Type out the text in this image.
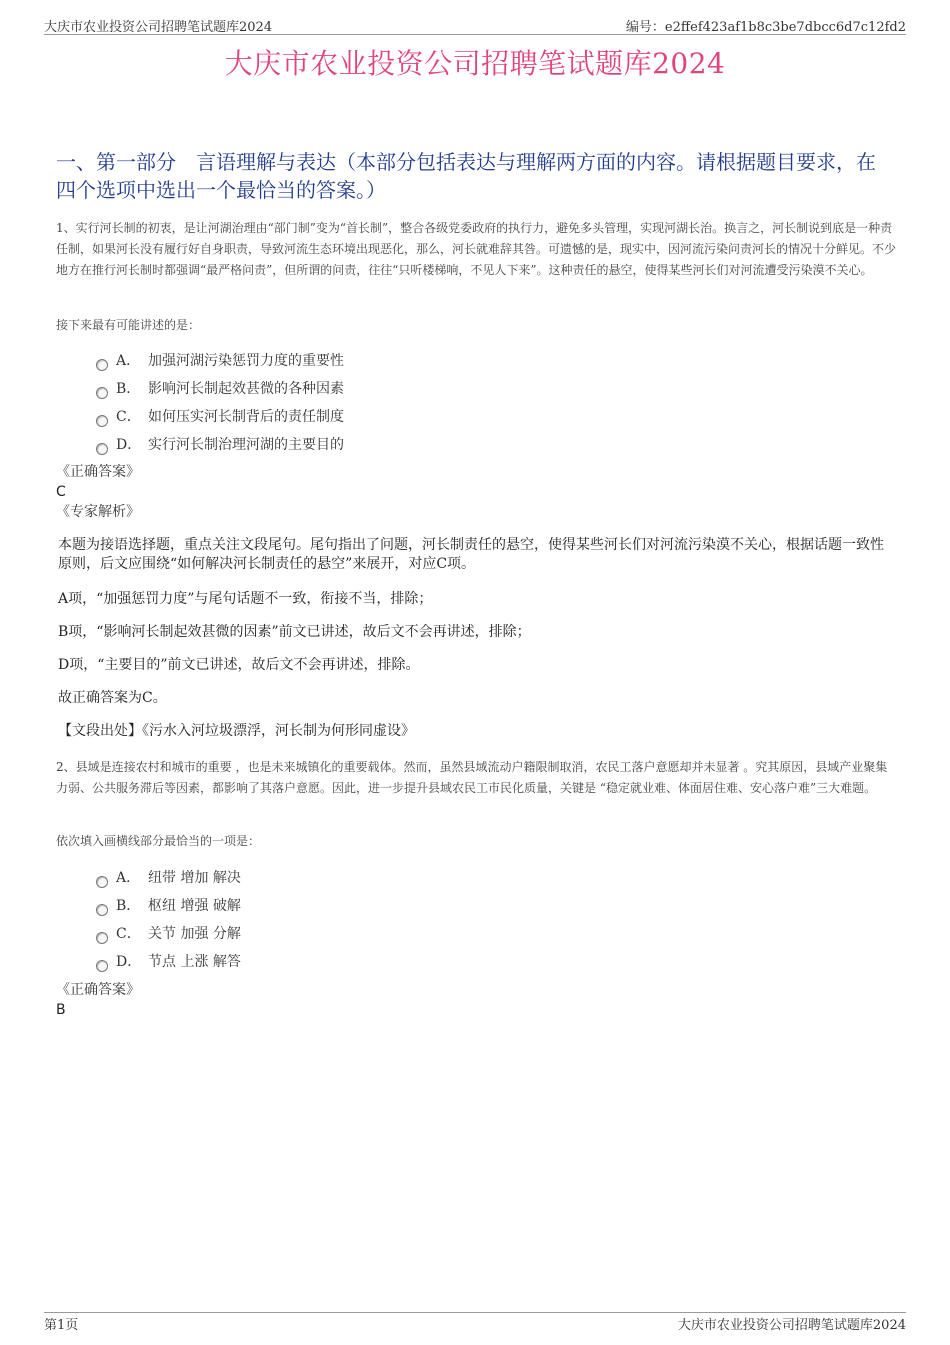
大庆市农业投资公司招聘笔试题库2024	编号：e2ffef423af1b8c3be7dbcc6d7c12fd2
大庆市农业投资公司招聘笔试题库2024
一、第一部分　言语理解与表达（本部分包括表达与理解两方面的内容。请根据题目要求，在四个选项中选出一个最恰当的答案。）
1、实行河长制的初衷，是让河湖治理由“部门制”变为“首长制”，整合各级党委政府的执行力，避免多头管理，实现河湖长治。换言之，河长制说到底是一种责任制，如果河长没有履行好自身职责，导致河流生态环境出现恶化，那么，河长就难辞其咎。可遗憾的是，现实中，因河流污染问责河长的情况十分鲜见。不少地方在推行河长制时都强调“最严格问责”，但所谓的问责，往往“只听楼梯响，不见人下来”。这种责任的悬空，使得某些河长们对河流遭受污染漠不关心。
接下来最有可能讲述的是：
A． 加强河湖污染惩罚力度的重要性
B． 影响河长制起效甚微的各种因素
C． 如何压实河长制背后的责任制度
D． 实行河长制治理河湖的主要目的
《正确答案》
C
《专家解析》

本题为接语选择题，重点关注文段尾句。尾句指出了问题，河长制责任的悬空，使得某些河长们对河流污染漠不关心，根据话题一致性原则，后文应围绕“如何解决河长制责任的悬空”来展开，对应C项。

A项，“加强惩罚力度”与尾句话题不一致，衔接不当，排除；

B项，“影响河长制起效甚微的因素”前文已讲述，故后文不会再讲述，排除；

D项，“主要目的”前文已讲述，故后文不会再讲述，排除。

故正确答案为C。

【文段出处】《污水入河垃圾漂浮，河长制为何形同虚设》

2、县域是连接农村和城市的重要 ，也是未来城镇化的重要载体。然而，虽然县域流动户籍限制取消，农民工落户意愿却并未显著 。究其原因，县域产业聚集力弱、公共服务滞后等因素，都影响了其落户意愿。因此，进一步提升县域农民工市民化质量，关键是 “稳定就业难、体面居住难、安心落户难”三大难题。
依次填入画横线部分最恰当的一项是：
A． 纽带 增加 解决
B． 枢纽 增强 破解
C． 关节 加强 分解
D． 节点 上涨 解答
《正确答案》
B
第1页	大庆市农业投资公司招聘笔试题库2024
